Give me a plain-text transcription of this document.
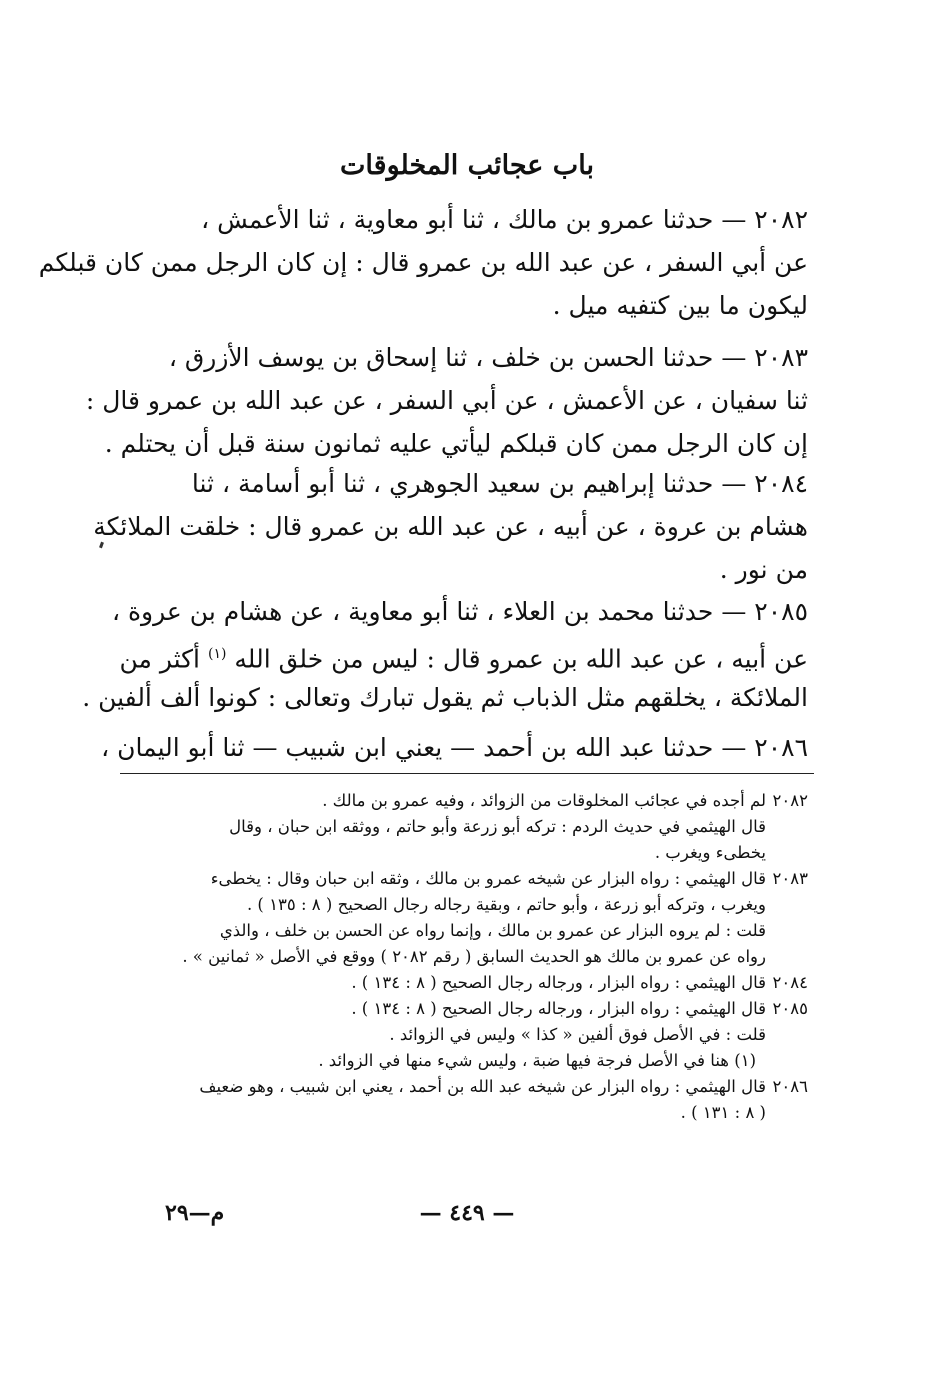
باب عجائب المخلوقات
٢٠٨٢ — حدثنا عمرو بن مالك ، ثنا أبو معاوية ، ثنا الأعمش ،
عن أبي السفر ، عن عبد الله بن عمرو قال : إن كان الرجل ممن كان قبلكم
ليكون ما بين كتفيه ميل .
٢٠٨٣ — حدثنا الحسن بن خلف ، ثنا إسحاق بن يوسف الأزرق ،
ثنا سفيان ، عن الأعمش ، عن أبي السفر ، عن عبد الله بن عمرو قال :
إن كان الرجل ممن كان قبلكم ليأتي عليه ثمانون سنة قبل أن يحتلم .
٢٠٨٤ — حدثنا إبراهيم بن سعيد الجوهري ، ثنا أبو أسامة ، ثنا
هشام بن عروة ، عن أبيه ، عن عبد الله بن عمرو قال : خلقت الملائكة
من نور .
٢٠٨٥ — حدثنا محمد بن العلاء ، ثنا أبو معاوية ، عن هشام بن عروة ،
عن أبيه ، عن عبد الله بن عمرو قال : ليس من خلق الله $^{(١)}$ أكثر من
الملائكة ، يخلقهم مثل الذباب ثم يقول تبارك وتعالى : كونوا ألف ألفين .
٢٠٨٦ — حدثنا عبد الله بن أحمد — يعني ابن شبيب — ثنا أبو اليمان ،
٢٠٨٢لم أجده في عجائب المخلوقات من الزوائد ، وفيه عمرو بن مالك .
قال الهيثمي في حديث الردم : تركه أبو زرعة وأبو حاتم ، ووثقه ابن حبان ، وقال
يخطىء ويغرب .
٢٠٨٣قال الهيثمي : رواه البزار عن شيخه عمرو بن مالك ، وثقه ابن حبان وقال : يخطىء
ويغرب ، وتركه أبو زرعة ، وأبو حاتم ، وبقية رجاله رجال الصحيح ( ٨ : ١٣٥ ) .
قلت : لم يروه البزار عن عمرو بن مالك ، وإنما رواه عن الحسن بن خلف ، والذي
رواه عن عمرو بن مالك هو الحديث السابق ( رقم ٢٠٨٢ ) ووقع في الأصل « ثمانين » .
٢٠٨٤قال الهيثمي : رواه البزار ، ورجاله رجال الصحيح ( ٨ : ١٣٤ ) .
٢٠٨٥قال الهيثمي : رواه البزار ، ورجاله رجال الصحيح ( ٨ : ١٣٤ ) .
قلت : في الأصل فوق ألفين « كذا » وليس في الزوائد .
(١) هنا في الأصل فرجة فيها ضبة ، وليس شيء منها في الزوائد .
٢٠٨٦قال الهيثمي : رواه البزار عن شيخه عبد الله بن أحمد ، يعني ابن شبيب ، وهو ضعيف
( ٨ : ١٣١ ) .
— ٤٤٩ —
م—٢٩
